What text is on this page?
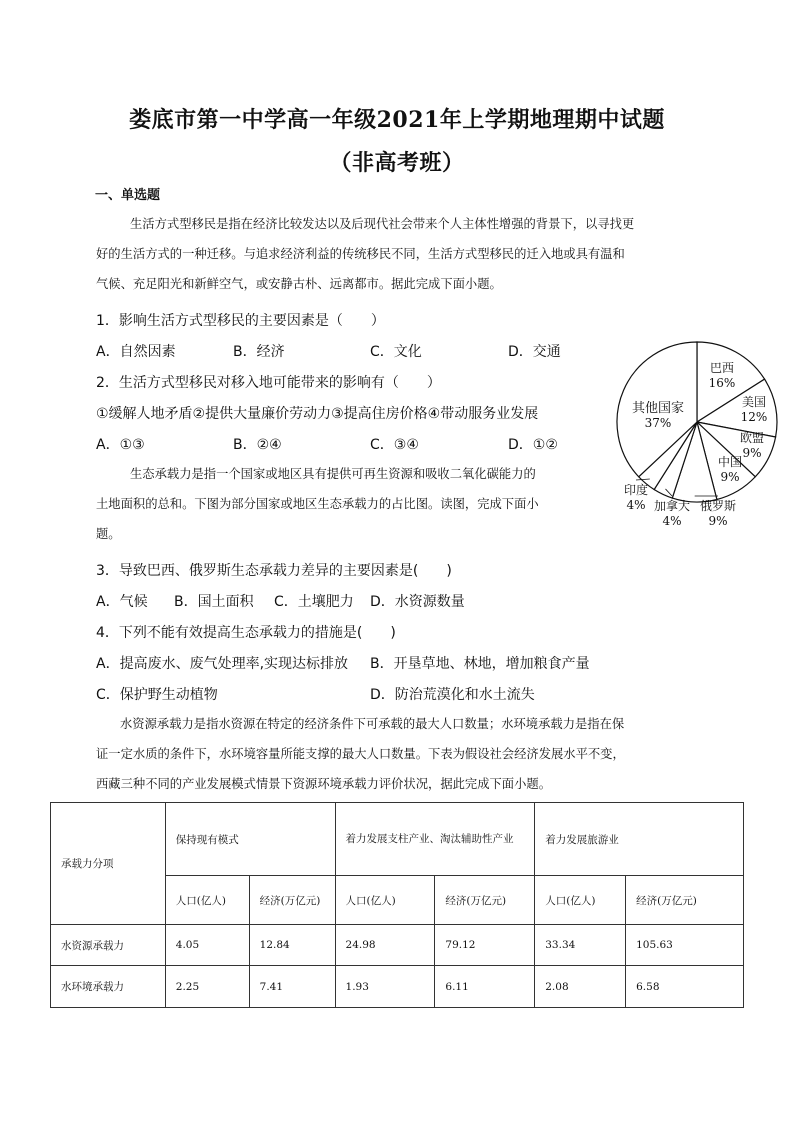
娄底市第一中学高一年级2021年上学期地理期中试题
（非高考班）
一、单选题
生活方式型移民是指在经济比较发达以及后现代社会带来个人主体性增强的背景下，以寻找更
好的生活方式的一种迁移。与追求经济利益的传统移民不同，生活方式型移民的迁入地或具有温和
气候、充足阳光和新鲜空气，或安静古朴、远离都市。据此完成下面小题。
1．影响生活方式型移民的主要因素是（　　）
A．自然因素	B．经济	C．文化	D．交通
2．生活方式型移民对移入地可能带来的影响有（　　）
①缓解人地矛盾②提供大量廉价劳动力③提高住房价格④带动服务业发展
A．①③	B．②④	C．③④	D．①②
生态承载力是指一个国家或地区具有提供可再生资源和吸收二氧化碳能力的
土地面积的总和。下图为部分国家或地区生态承载力的占比图。读图，完成下面小
题。
巴西
16%
美国
12%
欧盟
9%
中国
9%
俄罗斯
9%
加拿大
4%
印度
4%
其他国家
37%
3．导致巴西、俄罗斯生态承载力差异的主要因素是(　　)
A．气候 B．国土面积 C．土壤肥力 D．水资源数量
4．下列不能有效提高生态承载力的措施是(　　)
A．提高废水、废气处理率,实现达标排放 B．开垦草地、林地，增加粮食产量
C．保护野生动植物	D．防治荒漠化和水土流失
水资源承载力是指水资源在特定的经济条件下可承载的最大人口数量；水环境承载力是指在保
证一定水质的条件下，水环境容量所能支撑的最大人口数量。下表为假设社会经济发展水平不变，
西藏三种不同的产业发展模式情景下资源环境承载力评价状况，据此完成下面小题。
承载力分项	保持现有模式		着力发展支柱产业、淘汰辅助性产业		着力发展旅游业	
	人口(亿人)	经济(万亿元)	人口(亿人)	经济(万亿元)	人口(亿人)	经济(万亿元)
水资源承载力	4.05	12.84	24.98	79.12	33.34	105.63
水环境承载力	2.25	7.41	1.93	6.11	2.08	6.58
